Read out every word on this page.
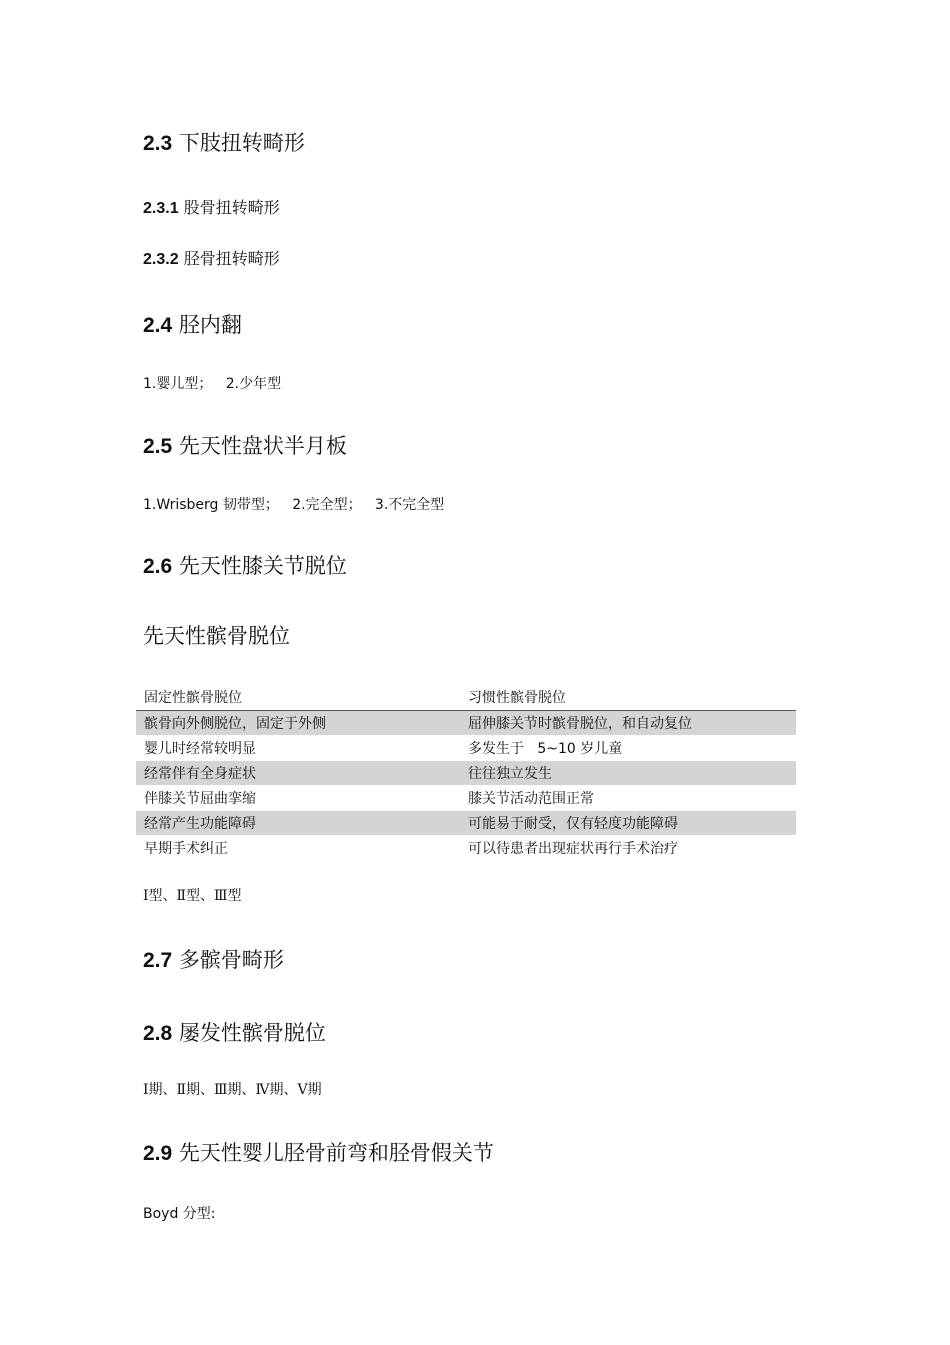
2.3 下肢扭转畸形
2.3.1 股骨扭转畸形
2.3.2 胫骨扭转畸形
2.4 胫内翻
1.婴儿型；   2.少年型
2.5 先天性盘状半月板
1.Wrisberg 韧带型；   2.完全型；   3.不完全型
2.6 先天性膝关节脱位
先天性髌骨脱位
固定性髌骨脱位	习惯性髌骨脱位
髌骨向外侧脱位，固定于外侧	屈伸膝关节时髌骨脱位，和自动复位
婴儿时经常较明显	多发生于   5~10 岁儿童
经常伴有全身症状	往往独立发生
伴膝关节屈曲挛缩	膝关节活动范围正常
经常产生功能障碍	可能易于耐受，仅有轻度功能障碍
早期手术纠正	可以待患者出现症状再行手术治疗
Ⅰ型、Ⅱ型、Ⅲ型
2.7 多髌骨畸形
2.8 屡发性髌骨脱位
Ⅰ期、Ⅱ期、Ⅲ期、Ⅳ期、Ⅴ期
2.9 先天性婴儿胫骨前弯和胫骨假关节
Boyd 分型:
